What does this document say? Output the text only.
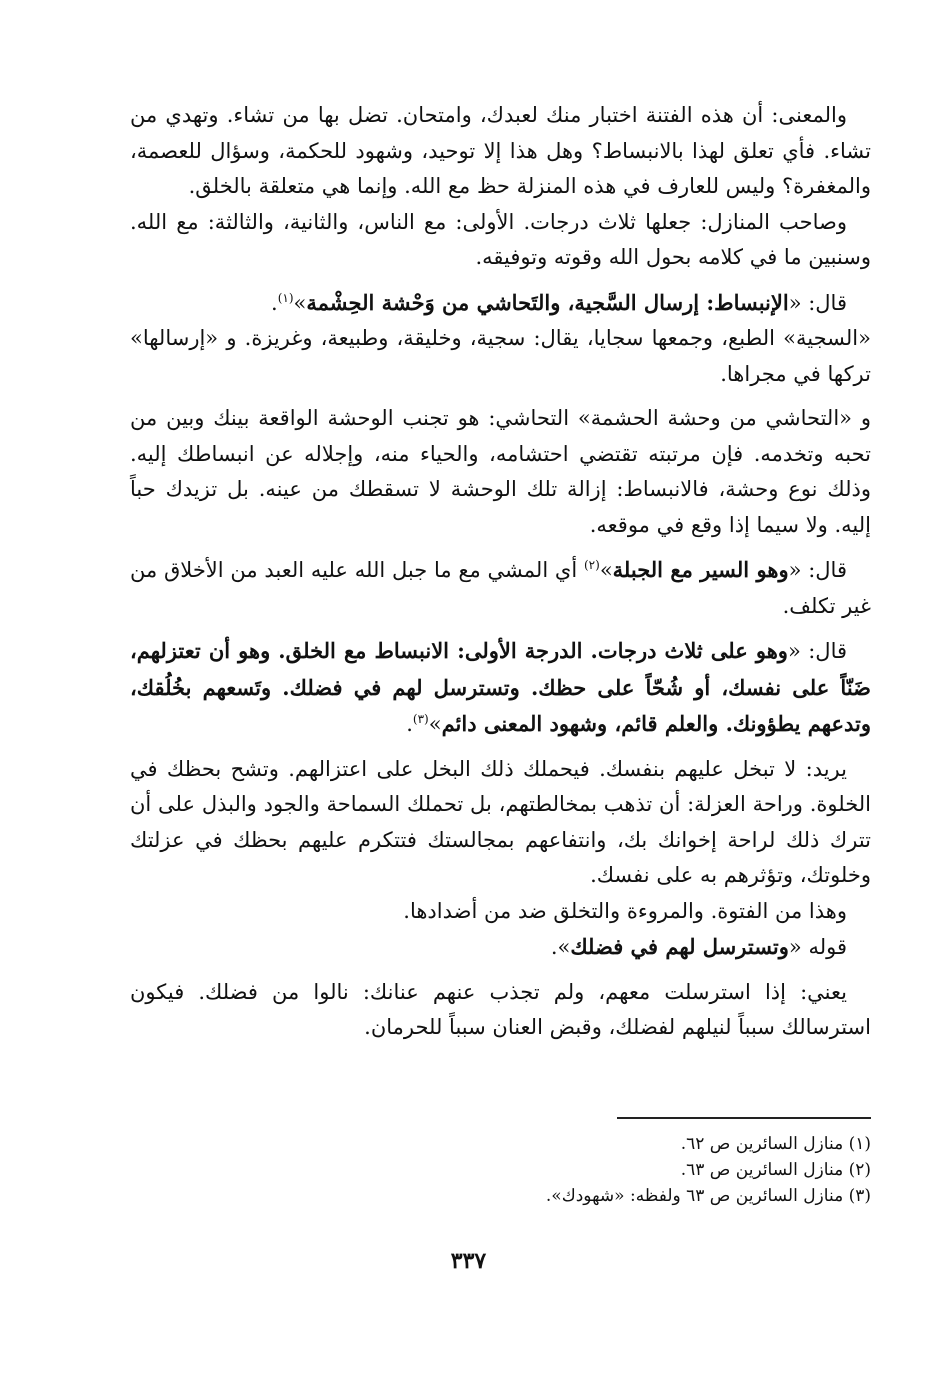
والمعنى: أن هذه الفتنة اختبار منك لعبدك، وامتحان. تضل بها من تشاء. وتهدي من تشاء. فأي تعلق لهذا بالانبساط؟ وهل هذا إلا توحيد، وشهود للحكمة، وسؤال للعصمة، والمغفرة؟ وليس للعارف في هذه المنزلة حظ مع الله. وإنما هي متعلقة بالخلق.

وصاحب المنازل: جعلها ثلاث درجات. الأولى: مع الناس، والثانية، والثالثة: مع الله. وسنبين ما في كلامه بحول الله وقوته وتوفيقه.

قال: «الإنبساط: إرسال السَّجية، والتَحاشي من وَحْشة الحِشْمة»$^{(١)}$.

«السجية» الطبع، وجمعها سجايا، يقال: سجية، وخليقة، وطبيعة، وغريزة. و «إرسالها» تركها في مجراها.

و «التحاشي من وحشة الحشمة» التحاشي: هو تجنب الوحشة الواقعة بينك وبين من تحبه وتخدمه. فإن مرتبته تقتضي احتشامه، والحياء منه، وإجلاله عن انبساطك إليه. وذلك نوع وحشة، فالانبساط: إزالة تلك الوحشة لا تسقطك من عينه. بل تزيدك حباً إليه. ولا سيما إذا وقع في موقعه.

قال: «وهو السير مع الجبلة»$^{(٢)}$ أي المشي مع ما جبل الله عليه العبد من الأخلاق من غير تكلف.

قال: «وهو على ثلاث درجات. الدرجة الأولى: الانبساط مع الخلق. وهو أن تعتزلهم، ضَنّاً على نفسك، أو شُحّاً على حظك. وتسترسل لهم في فضلك. وتَسعهم بخُلُقك، وتدعهم يطؤونك. والعلم قائم، وشهود المعنى دائم»$^{(٣)}$.

يريد: لا تبخل عليهم بنفسك. فيحملك ذلك البخل على اعتزالهم. وتشح بحظك في الخلوة. وراحة العزلة: أن تذهب بمخالطتهم، بل تحملك السماحة والجود والبذل على أن تترك ذلك لراحة إخوانك بك، وانتفاعهم بمجالستك فتتكرم عليهم بحظك في عزلتك وخلوتك، وتؤثرهم به على نفسك.

وهذا من الفتوة. والمروءة والتخلق ضد من أضدادها.

قوله «وتسترسل لهم في فضلك».

يعني: إذا استرسلت معهم، ولم تجذب عنهم عنانك: نالوا من فضلك. فيكون استرسالك سبباً لنيلهم لفضلك، وقبض العنان سبباً للحرمان.

(١) منازل السائرين ص ٦٢.

(٢) منازل السائرين ص ٦٣.

(٣) منازل السائرين ص ٦٣ ولفظه: «شهودك».

٣٣٧
